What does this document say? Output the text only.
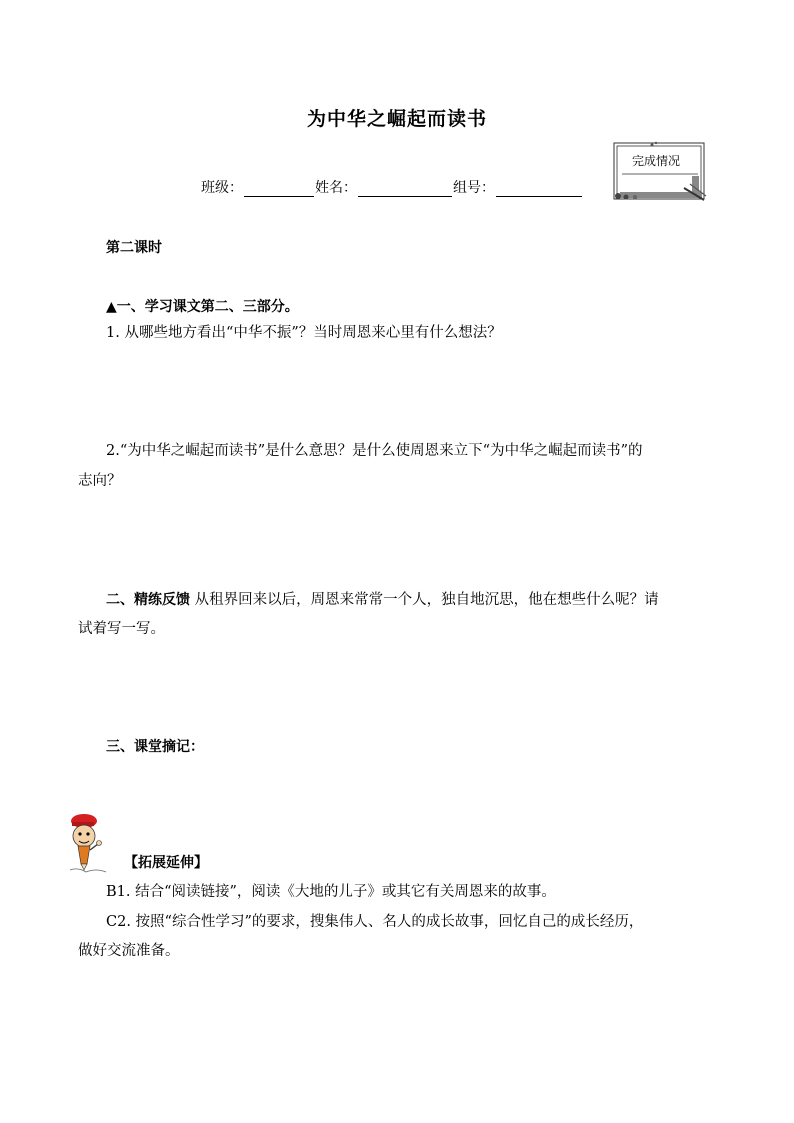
为中华之崛起而读书
班级：	姓名：	组号：
完成情况
第二课时
▲一、学习课文第二、三部分。
1. 从哪些地方看出“中华不振”？当时周恩来心里有什么想法？
2.“为中华之崛起而读书”是什么意思？是什么使周恩来立下“为中华之崛起而读书”的
志向？
二、精练反馈 从租界回来以后，周恩来常常一个人，独自地沉思，他在想些什么呢？请
试着写一写。
三、课堂摘记：
【拓展延伸】
B1. 结合“阅读链接”，阅读《大地的儿子》或其它有关周恩来的故事。
C2. 按照“综合性学习”的要求，搜集伟人、名人的成长故事，回忆自己的成长经历，
做好交流准备。
